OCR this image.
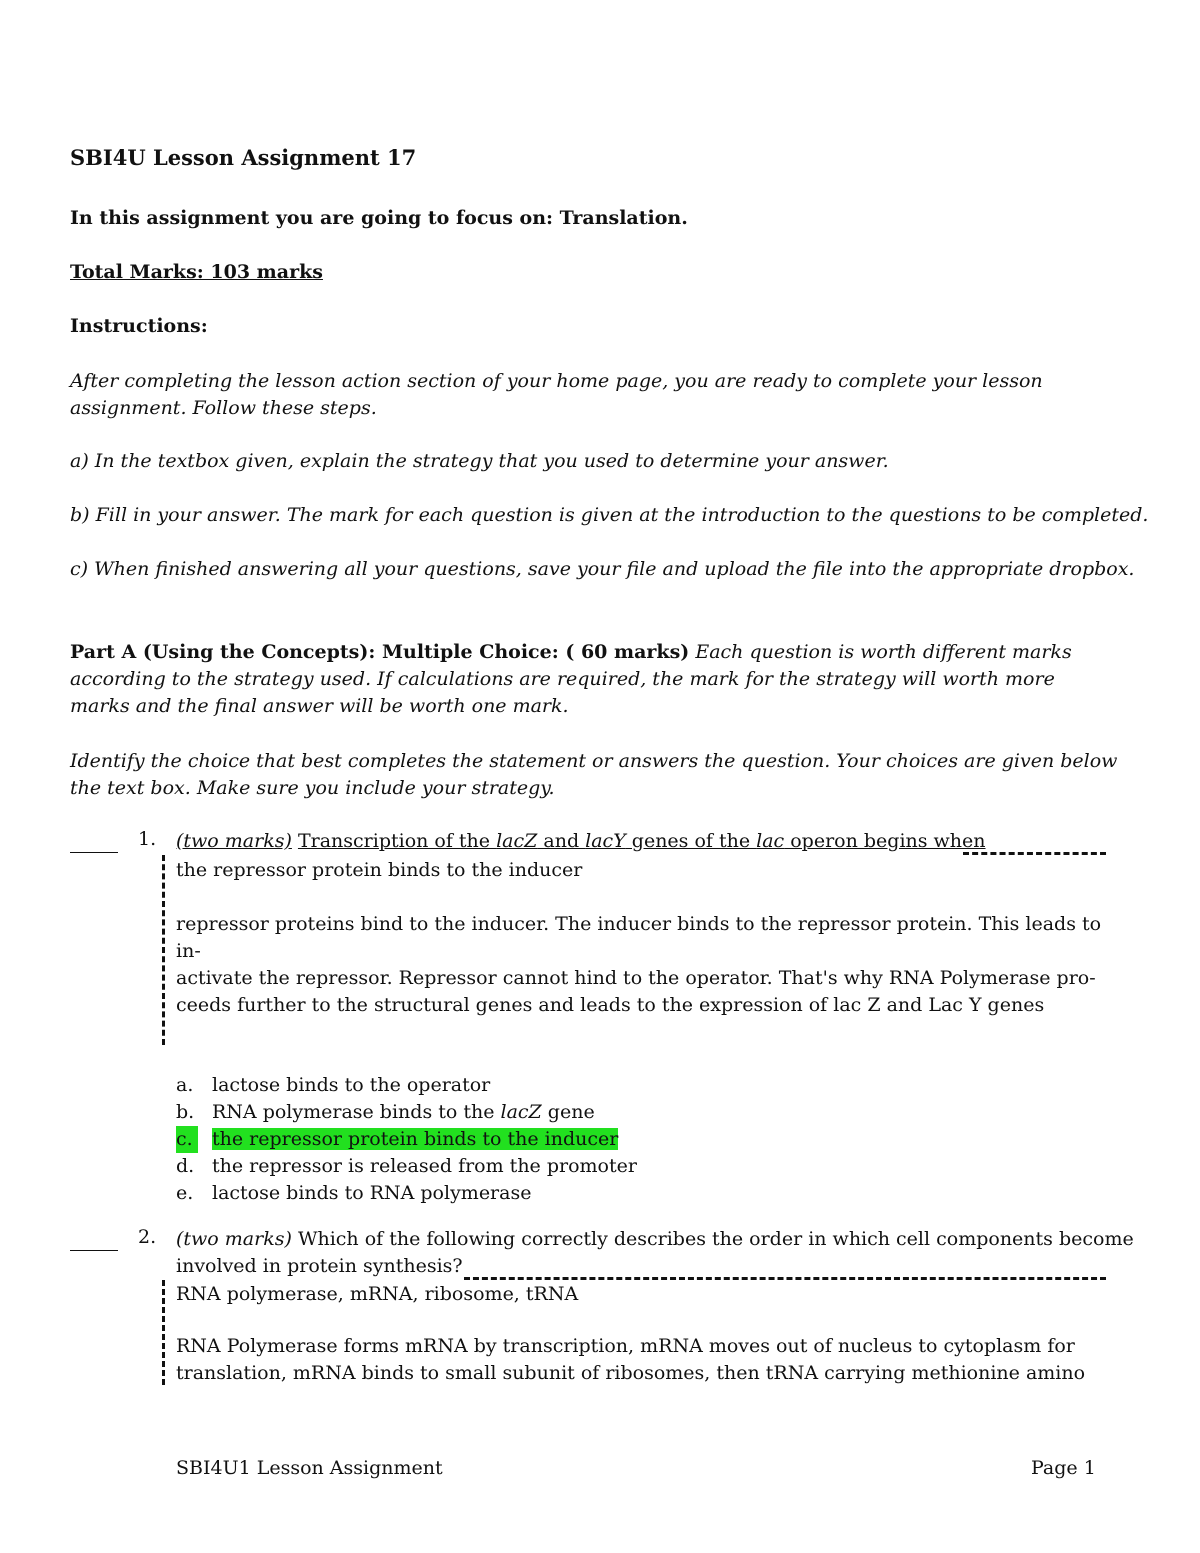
SBI4U Lesson Assignment 17
In this assignment you are going to focus on: Translation.
Total Marks: 103 marks
Instructions:
After completing the lesson action section of your home page, you are ready to complete your lesson assignment. Follow these steps.
a) In the textbox given, explain the strategy that you used to determine your answer.
b) Fill in your answer. The mark for each question is given at the introduction to the questions to be completed.
c) When finished answering all your questions, save your file and upload the file into the appropriate dropbox.
Part A (Using the Concepts): Multiple Choice: ( 60 marks) Each question is worth different marks according to the strategy used. If calculations are required, the mark for the strategy will worth more marks and the final answer will be worth one mark.
Identify the choice that best completes the statement or answers the question. Your choices are given below the text box. Make sure you include your strategy.
1. (two marks) Transcription of the lacZ and lacY genes of the lac operon begins when
the repressor protein binds to the inducer
repressor proteins bind to the inducer. The inducer binds to the repressor protein. This leads to in-
activate the repressor. Repressor cannot hind to the operator. That's why RNA Polymerase pro-
ceeds further to the structural genes and leads to the expression of lac Z and Lac Y genes
a. lactose binds to the operator
b. RNA polymerase binds to the lacZ gene
c. the repressor protein binds to the inducer
d. the repressor is released from the promoter
e. lactose binds to RNA polymerase
2. (two marks) Which of the following correctly describes the order in which cell components become involved in protein synthesis?
RNA polymerase, mRNA, ribosome, tRNA
RNA Polymerase forms mRNA by transcription, mRNA moves out of nucleus to cytoplasm for
translation, mRNA binds to small subunit of ribosomes, then tRNA carrying methionine amino
SBI4U1 Lesson Assignment	Page 1
